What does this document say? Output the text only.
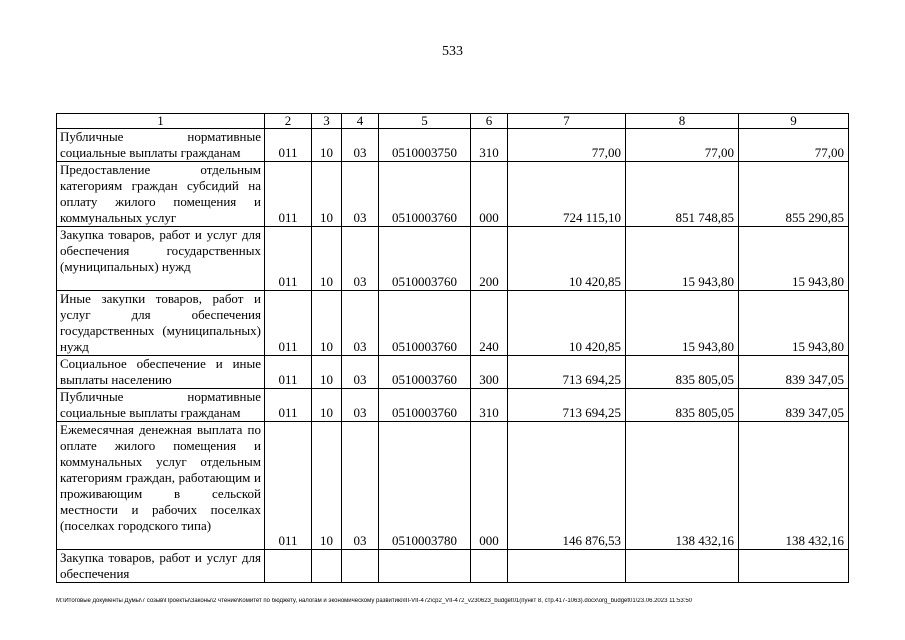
533
1	2	3	4	5	6	7	8	9
Публичные нормативные социальные выплаты гражданам	011	10	03	0510003750	310	77,00	77,00	77,00
Предоставление отдельным категориям граждан субсидий на оплату жилого помещения и коммунальных услуг	011	10	03	0510003760	000	724 115,10	851 748,85	855 290,85
Закупка товаров, работ и услуг для обеспечения государственных (муниципальных) нужд	011	10	03	0510003760	200	10 420,85	15 943,80	15 943,80
Иные закупки товаров, работ и услуг для обеспечения государственных (муниципальных) нужд	011	10	03	0510003760	240	10 420,85	15 943,80	15 943,80
Социальное обеспечение и иные выплаты населению	011	10	03	0510003760	300	713 694,25	835 805,05	839 347,05
Публичные нормативные социальные выплаты гражданам	011	10	03	0510003760	310	713 694,25	835 805,05	839 347,05
Ежемесячная денежная выплата по оплате жилого помещения и коммунальных услуг отдельным категориям граждан, работающим и проживающим в сельской местности и рабочих поселках (поселках городского типа)	011	10	03	0510003780	000	146 876,53	138 432,16	138 432,16
Закупка товаров, работ и услуг для обеспечения								
M:\Итоговые документы Думы\7 созыв\Проекты\Законы\2 чтение\Комитет по бюджету, налогам и экономическому развитию\III-VII-472\ср2_VII-472_v230623_budget01(пункт 8, стр.417-1063).docx\org_budget01\23.06.2023 11:53:50
